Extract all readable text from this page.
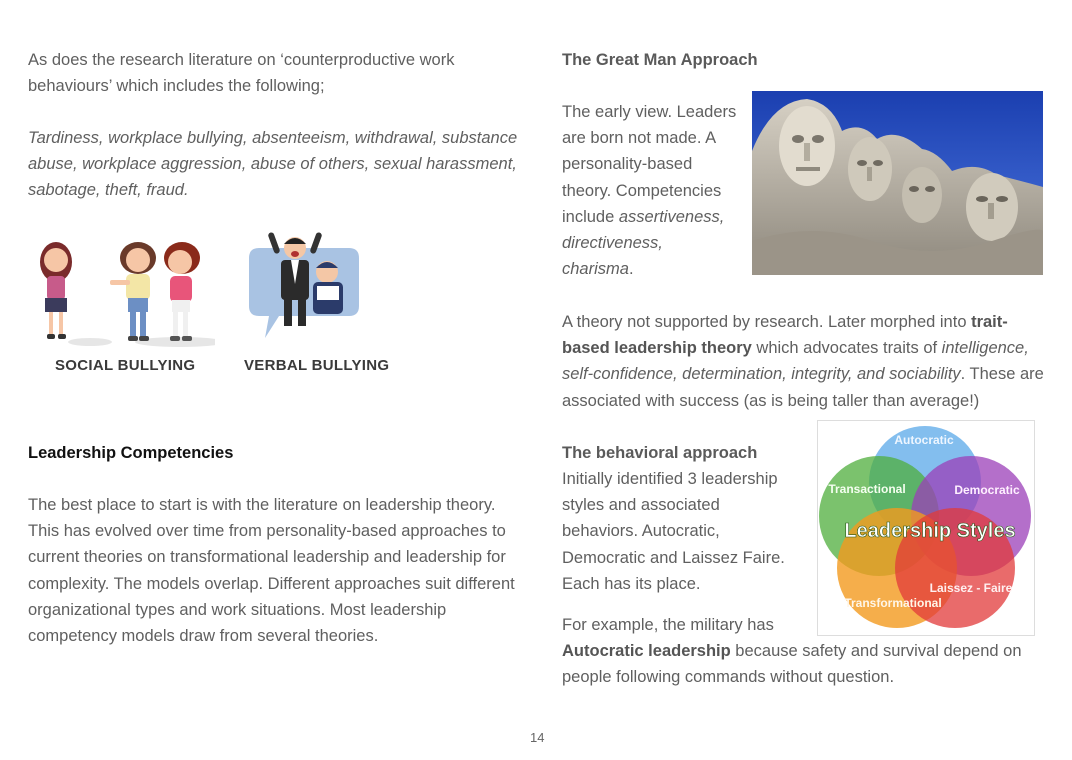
As does the research literature on ‘counterproductive work behaviours’ which includes the following;
Tardiness, workplace bullying, absenteeism, withdrawal, substance abuse, workplace aggression, abuse of others, sexual harassment, sabotage, theft, fraud.
SOCIAL BULLYING	VERBAL BULLYING
Leadership Competencies
The best place to start is with the literature on leadership theory. This has evolved over time from personality-based approaches to current theories on transformational leadership and leadership for complexity. The models overlap. Different approaches suit different organizational types and work situations. Most leadership competency models draw from several theories.
The Great Man Approach
The early view. Leaders
are born not made. A
personality-based
theory. Competencies
include assertiveness,
directiveness,
charisma.
A theory not supported by research. Later morphed into trait-based leadership theory which advocates traits of intelligence, self-confidence, determination, integrity, and sociability. These are associated with success (as is being taller than average!)
The behavioral approach
Initially identified 3 leadership
styles and associated
behaviors. Autocratic,
Democratic and Laissez Faire.
Each has its place.
For example, the military has
Autocratic leadership because safety and survival depend on
people following commands without question.
Autocratic
Transactional	Democratic
Leadership Styles
Laissez - Faire
Transformational
14
